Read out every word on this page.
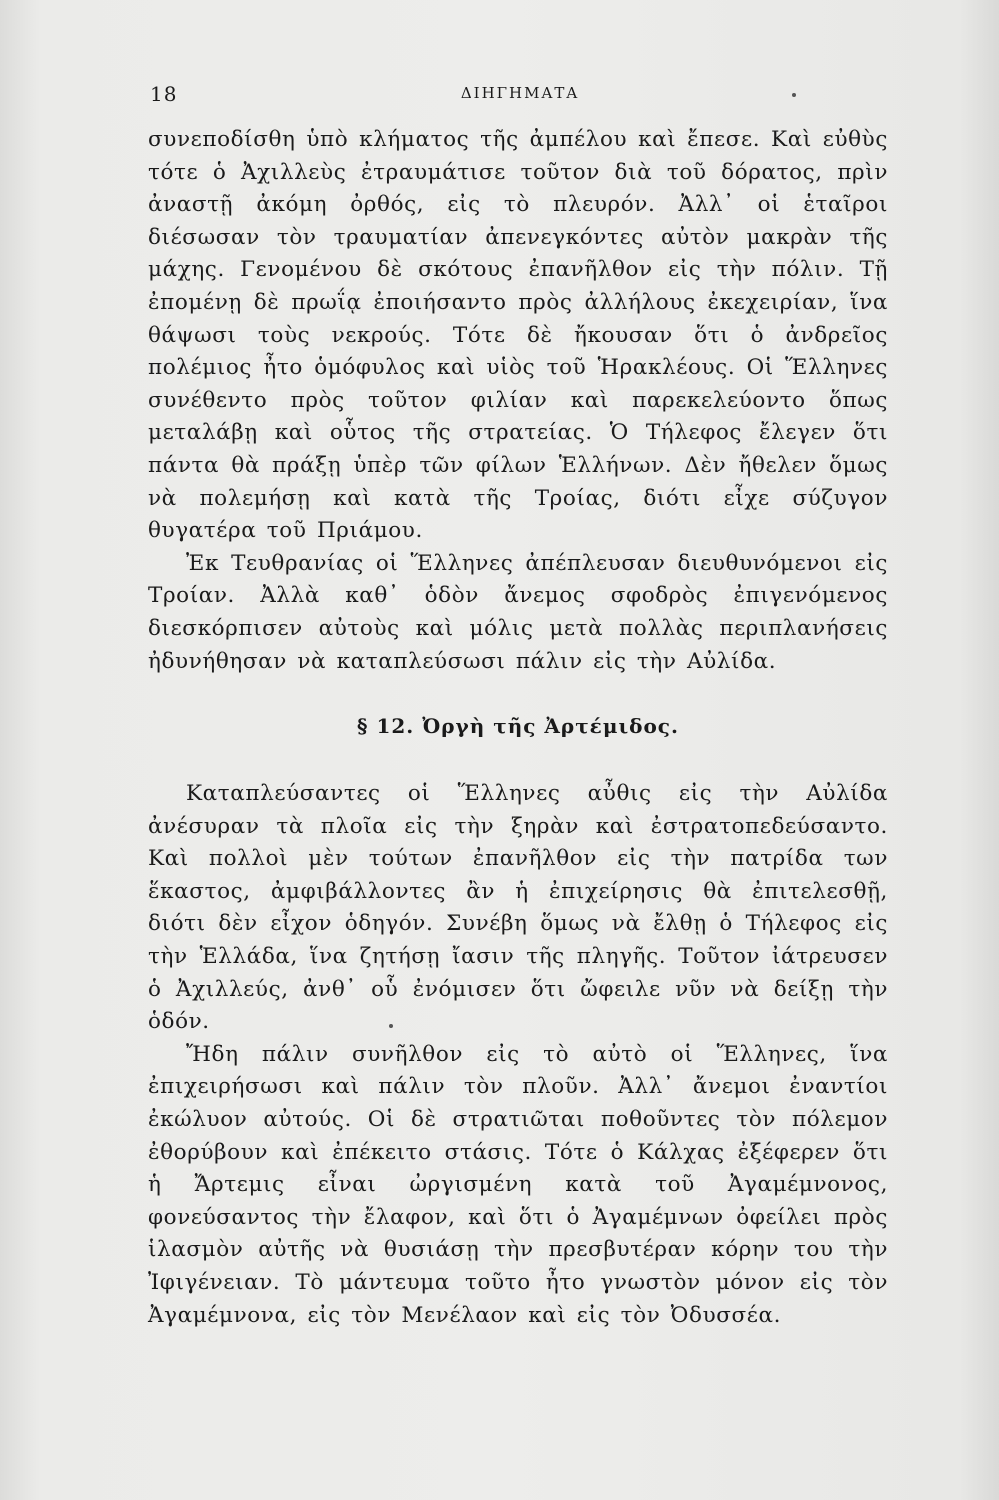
18	ΔΙΗΓΗΜΑΤΑ

συνεποδίσθη ὑπὸ κλήματος τῆς ἀμπέλου καὶ ἔπεσε. Καὶ εὐθὺς τότε ὁ Ἀχιλλεὺς ἐτραυμάτισε τοῦτον διὰ τοῦ δόρατος, πρὶν ἀναστῇ ἀκόμη ὀρθός, εἰς τὸ πλευρόν. Ἀλλ᾽ οἱ ἑταῖροι διέσωσαν τὸν τραυματίαν ἀπενεγκόντες αὐτὸν μακρὰν τῆς μάχης. Γενομένου δὲ σκότους ἐπανῆλθον εἰς τὴν πόλιν. Τῇ ἐπομένῃ δὲ πρωΐᾳ ἐποιήσαντο πρὸς ἀλλήλους ἐκεχειρίαν, ἵνα θάψωσι τοὺς νεκρούς. Τότε δὲ ἤκουσαν ὅτι ὁ ἀνδρεῖος πολέμιος ἦτο ὁμόφυλος καὶ υἱὸς τοῦ Ἡρακλέους. Οἱ Ἕλληνες συνέθεντο πρὸς τοῦτον φιλίαν καὶ παρεκελεύοντο ὅπως μεταλάβῃ καὶ οὗτος τῆς στρατείας. Ὁ Τήλεφος ἔλεγεν ὅτι πάντα θὰ πράξῃ ὑπὲρ τῶν φίλων Ἑλλήνων. Δὲν ἤθελεν ὅμως νὰ πολεμήσῃ καὶ κατὰ τῆς Τροίας, διότι εἶχε σύζυγον θυγατέρα τοῦ Πριάμου.

Ἐκ Τευθρανίας οἱ Ἕλληνες ἀπέπλευσαν διευθυνόμενοι εἰς Τροίαν. Ἀλλὰ καθ᾽ ὁδὸν ἄνεμος σφοδρὸς ἐπιγενόμενος διεσκόρπισεν αὐτοὺς καὶ μόλις μετὰ πολλὰς περιπλανήσεις ἠδυνήθησαν νὰ καταπλεύσωσι πάλιν εἰς τὴν Αὐλίδα.

§ 12. Ὀργὴ τῆς Ἀρτέμιδος.

Καταπλεύσαντες οἱ Ἕλληνες αὖθις εἰς τὴν Αὐλίδα ἀνέσυραν τὰ πλοῖα εἰς τὴν ξηρὰν καὶ ἐστρατοπεδεύσαντο. Καὶ πολλοὶ μὲν τούτων ἐπανῆλθον εἰς τὴν πατρίδα των ἕκαστος, ἀμφιβάλλοντες ἂν ἡ ἐπιχείρησις θὰ ἐπιτελεσθῇ, διότι δὲν εἶχον ὁδηγόν. Συνέβη ὅμως νὰ ἔλθῃ ὁ Τήλεφος εἰς τὴν Ἑλλάδα, ἵνα ζητήσῃ ἴασιν τῆς πληγῆς. Τοῦτον ἰάτρευσεν ὁ Ἀχιλλεύς, ἀνθ᾽ οὗ ἐνόμισεν ὅτι ὤφειλε νῦν νὰ δείξῃ τὴν ὁδόν.

Ἤδη πάλιν συνῆλθον εἰς τὸ αὐτὸ οἱ Ἕλληνες, ἵνα ἐπιχειρήσωσι καὶ πάλιν τὸν πλοῦν. Ἀλλ᾽ ἄνεμοι ἐναντίοι ἐκώλυον αὐτούς. Οἱ δὲ στρατιῶται ποθοῦντες τὸν πόλεμον ἐθορύβουν καὶ ἐπέκειτο στάσις. Τότε ὁ Κάλχας ἐξέφερεν ὅτι ἡ Ἄρτεμις εἶναι ὠργισμένη κατὰ τοῦ Ἀγαμέμνονος, φονεύσαντος τὴν ἔλαφον, καὶ ὅτι ὁ Ἀγαμέμνων ὀφείλει πρὸς ἱλασμὸν αὐτῆς νὰ θυσιάσῃ τὴν πρεσβυτέραν κόρην του τὴν Ἰφιγένειαν. Τὸ μάντευμα τοῦτο ἦτο γνωστὸν μόνον εἰς τὸν Ἀγαμέμνονα, εἰς τὸν Μενέλαον καὶ εἰς τὸν Ὀδυσσέα.
